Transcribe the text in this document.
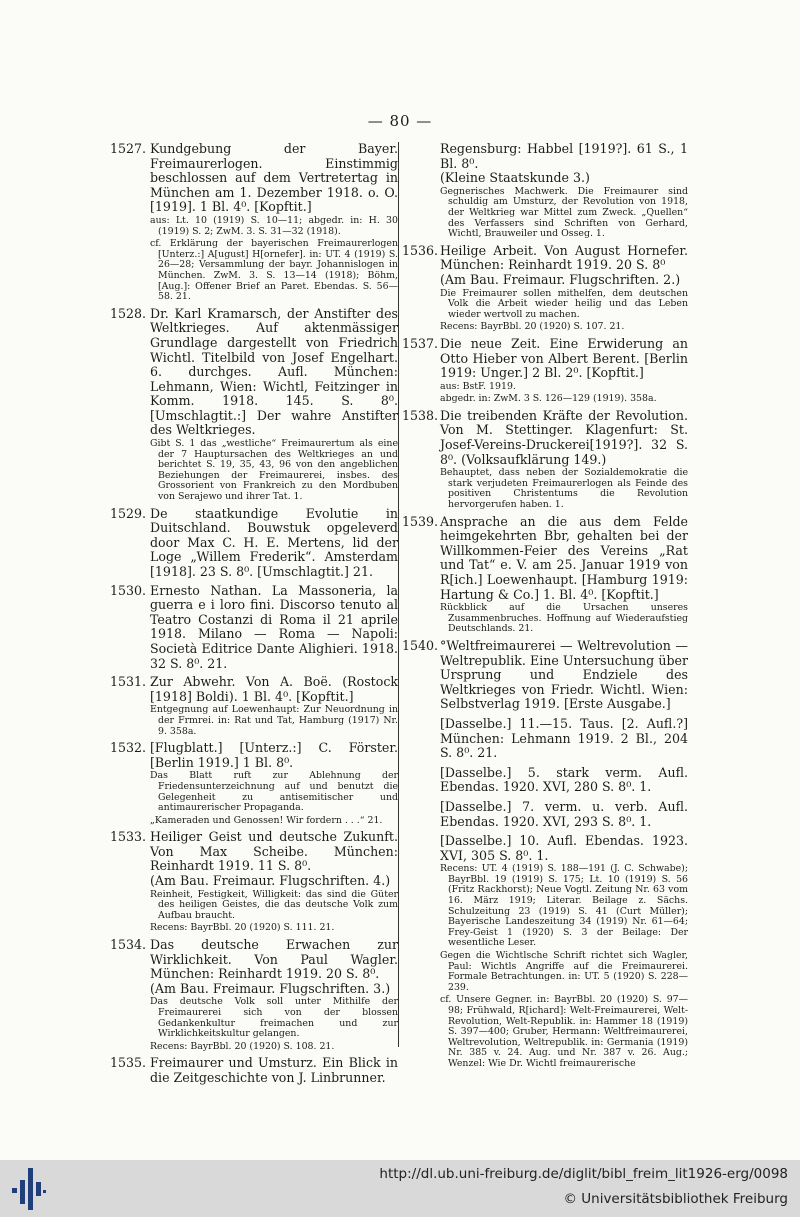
— 80 —
1527. Kundgebung der Bayer. Freimaurerlogen. Einstimmig beschlossen auf dem Vertretertag in München am 1. Dezember 1918. o. O. [1919]. 1 Bl. 4⁰. [Kopftit.]

aus: Lt. 10 (1919) S. 10—11; abgedr. in: H. 30 (1919) S. 2; ZwM. 3. S. 31—32 (1918).

cf. Erklärung der bayerischen Freimaurerlogen [Unterz.:] A[ugust] H[ornefer]. in: UT. 4 (1919) S. 26—28; Versammlung der bayr. Johannislogen in München. ZwM. 3. S. 13—14 (1918); Böhm, [Aug.]: Offener Brief an Paret. Ebendas. S. 56—58. 21.

1528. Dr. Karl Kramarsch, der Anstifter des Weltkrieges. Auf aktenmässiger Grundlage dargestellt von Friedrich Wichtl. Titelbild von Josef Engelhart. 6. durchges. Aufl. München: Lehmann, Wien: Wichtl, Feitzinger in Komm. 1918. 145. S. 8⁰. [Umschlagtit.:] Der wahre Anstifter des Weltkrieges.

Gibt S. 1 das „westliche“ Freimaurertum als eine der 7 Hauptursachen des Weltkrieges an und berichtet S. 19, 35, 43, 96 von den angeblichen Beziehungen der Freimaurerei, insbes. des Grossorient von Frankreich zu den Mordbuben von Serajewo und ihrer Tat. 1.

1529. De staatkundige Evolutie in Duitschland. Bouwstuk opgeleverd door Max C. H. E. Mertens, lid der Loge „Willem Frederik“. Amsterdam [1918]. 23 S. 8⁰. [Umschlagtit.] 21.

1530. Ernesto Nathan. La Massoneria, la guerra e i loro fini. Discorso tenuto al Teatro Costanzi di Roma il 21 aprile 1918. Milano — Roma — Napoli: Società Editrice Dante Alighieri. 1918. 32 S. 8⁰. 21.

1531. Zur Abwehr. Von A. Boë. (Rostock [1918] Boldi). 1 Bl. 4⁰. [Kopftit.]

Entgegnung auf Loewenhaupt: Zur Neuordnung in der Frmrei. in: Rat und Tat, Hamburg (1917) Nr. 9. 358a.

1532. [Flugblatt.] [Unterz.:] C. Förster. [Berlin 1919.] 1 Bl. 8⁰.

Das Blatt ruft zur Ablehnung der Friedensunterzeichnung auf und benutzt die Gelegenheit zu antisemitischer und antimaurerischer Propaganda.

„Kameraden und Genossen! Wir fordern . . .“ 21.

1533. Heiliger Geist und deutsche Zukunft. Von Max Scheibe. München: Reinhardt 1919. 11 S. 8⁰.

(Am Bau. Freimaur. Flugschriften. 4.)

Reinheit, Festigkeit, Willigkeit: das sind die Güter des heiligen Geistes, die das deutsche Volk zum Aufbau braucht.

Recens: BayrBbl. 20 (1920) S. 111. 21.

1534. Das deutsche Erwachen zur Wirklichkeit. Von Paul Wagler. München: Reinhardt 1919. 20 S. 8⁰.

(Am Bau. Freimaur. Flugschriften. 3.)

Das deutsche Volk soll unter Mithilfe der Freimaurerei sich von der blossen Gedankenkultur freimachen und zur Wirklichkeitskultur gelangen.

Recens: BayrBbl. 20 (1920) S. 108. 21.

1535. Freimaurer und Umsturz. Ein Blick in die Zeitgeschichte von J. Linbrunner.

Regensburg: Habbel [1919?]. 61 S., 1 Bl. 8⁰.

(Kleine Staatskunde 3.)

Gegnerisches Machwerk. Die Freimaurer sind schuldig am Umsturz, der Revolution von 1918, der Weltkrieg war Mittel zum Zweck. „Quellen“ des Verfassers sind Schriften von Gerhard, Wichtl, Brauweiler und Osseg. 1.

1536. Heilige Arbeit. Von August Hornefer. München: Reinhardt 1919. 20 S. 8⁰

(Am Bau. Freimaur. Flugschriften. 2.)

Die Freimaurer sollen mithelfen, dem deutschen Volk die Arbeit wieder heilig und das Leben wieder wertvoll zu machen.

Recens: BayrBbl. 20 (1920) S. 107. 21.

1537. Die neue Zeit. Eine Erwiderung an Otto Hieber von Albert Berent. [Berlin 1919: Unger.] 2 Bl. 2⁰. [Kopftit.]

aus: BstF. 1919.

abgedr. in: ZwM. 3 S. 126—129 (1919). 358a.

1538. Die treibenden Kräfte der Revolution. Von M. Stettinger. Klagenfurt: St. Josef-Vereins-Druckerei[1919?]. 32 S. 8⁰. (Volksaufklärung 149.)

Behauptet, dass neben der Sozialdemokratie die stark verjudeten Freimaurerlogen als Feinde des positiven Christentums die Revolution hervorgerufen haben. 1.

1539. Ansprache an die aus dem Felde heimgekehrten Bbr, gehalten bei der Willkommen-Feier des Vereins „Rat und Tat“ e. V. am 25. Januar 1919 von R[ich.] Loewenhaupt. [Hamburg 1919: Hartung & Co.] 1. Bl. 4⁰. [Kopftit.]

Rückblick auf die Ursachen unseres Zusammenbruches. Hoffnung auf Wiederaufstieg Deutschlands. 21.

1540. °Weltfreimaurerei — Weltrevolution — Weltrepublik. Eine Untersuchung über Ursprung und Endziele des Weltkrieges von Friedr. Wichtl. Wien: Selbstverlag 1919. [Erste Ausgabe.]

[Dasselbe.] 11.—15. Taus. [2. Aufl.?] München: Lehmann 1919. 2 Bl., 204 S. 8⁰. 21.

[Dasselbe.] 5. stark verm. Aufl. Ebendas. 1920. XVI, 280 S. 8⁰. 1.

[Dasselbe.] 7. verm. u. verb. Aufl. Ebendas. 1920. XVI, 293 S. 8⁰. 1.

[Dasselbe.] 10. Aufl. Ebendas. 1923. XVI, 305 S. 8⁰. 1.

Recens: UT. 4 (1919) S. 188—191 (J. C. Schwabe); BayrBbl. 19 (1919) S. 175; Lt. 10 (1919) S. 56 (Fritz Rackhorst); Neue Vogtl. Zeitung Nr. 63 vom 16. März 1919; Literar. Beilage z. Sächs. Schulzeitung 23 (1919) S. 41 (Curt Müller); Bayerische Landeszeitung 34 (1919) Nr. 61—64; Frey-Geist 1 (1920) S. 3 der Beilage: Der wesentliche Leser.

Gegen die Wichtlsche Schrift richtet sich Wagler, Paul: Wichtls Angriffe auf die Freimaurerei. Formale Betrachtungen. in: UT. 5 (1920) S. 228—239.

cf. Unsere Gegner. in: BayrBbl. 20 (1920) S. 97—98; Frühwald, R[ichard]: Welt-Freimaurerei, Welt-Revolution, Welt-Republik. in: Hammer 18 (1919) S. 397—400; Gruber, Hermann: Weltfreimaurerei, Weltrevolution, Weltrepublik. in: Germania (1919) Nr. 385 v. 24. Aug. und Nr. 387 v. 26. Aug.; Wenzel: Wie Dr. Wichtl freimaurerische

http://dl.ub.uni-freiburg.de/diglit/bibl_freim_lit1926-erg/0098
© Universitätsbibliothek Freiburg
